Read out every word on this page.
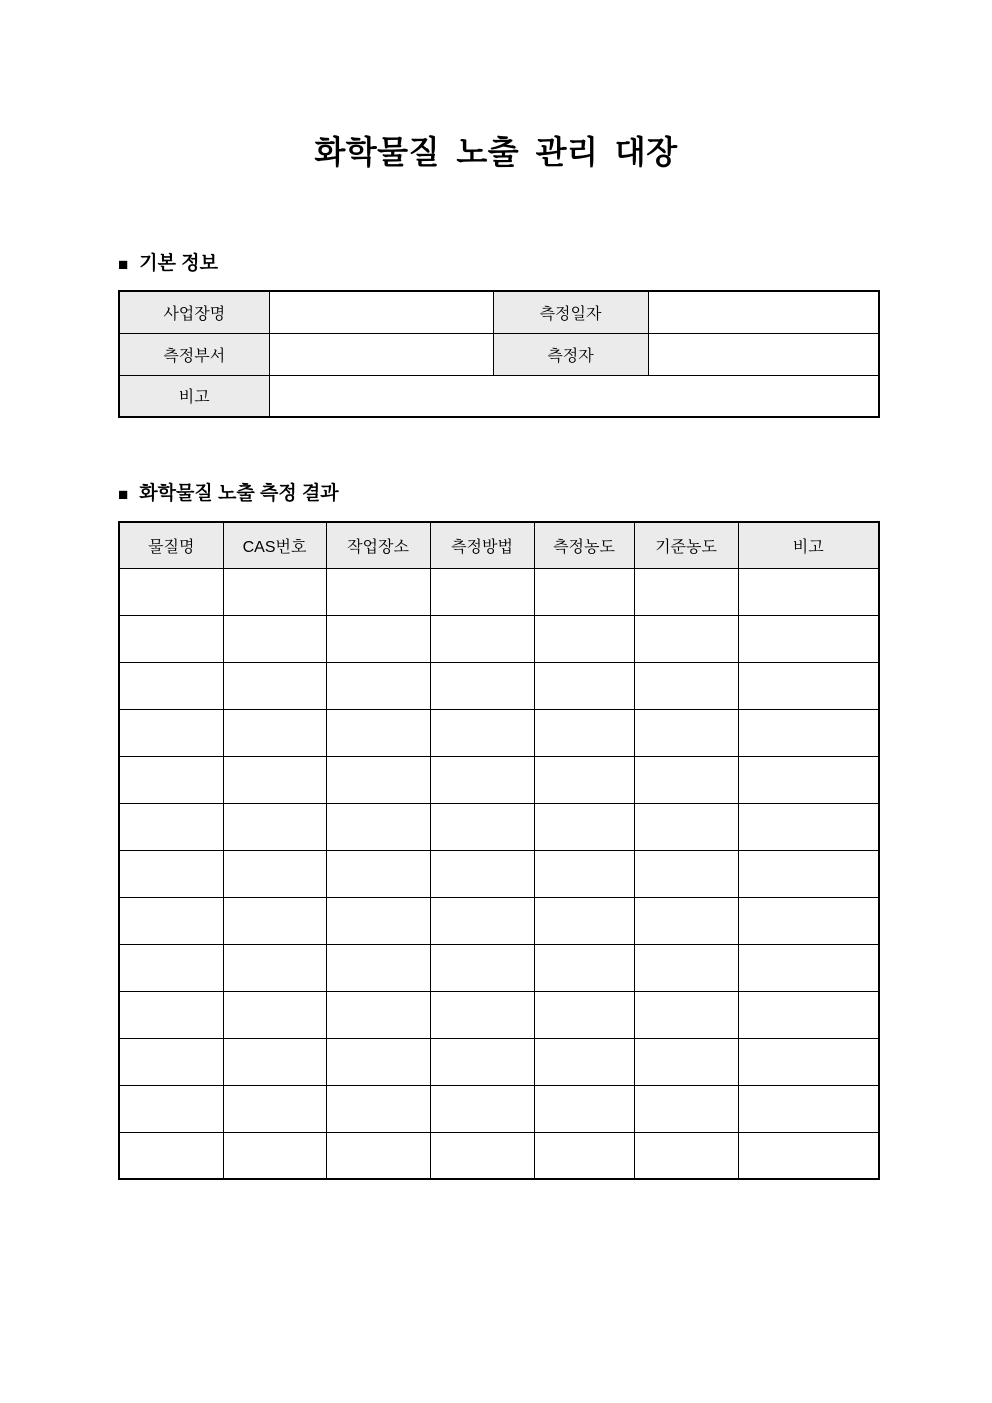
화학물질 노출 관리 대장
■ 기본 정보
사업장명		측정일자	
측정부서		측정자	
비고			
■ 화학물질 노출 측정 결과
물질명	CAS번호	작업장소	측정방법	측정농도	기준농도	비고
